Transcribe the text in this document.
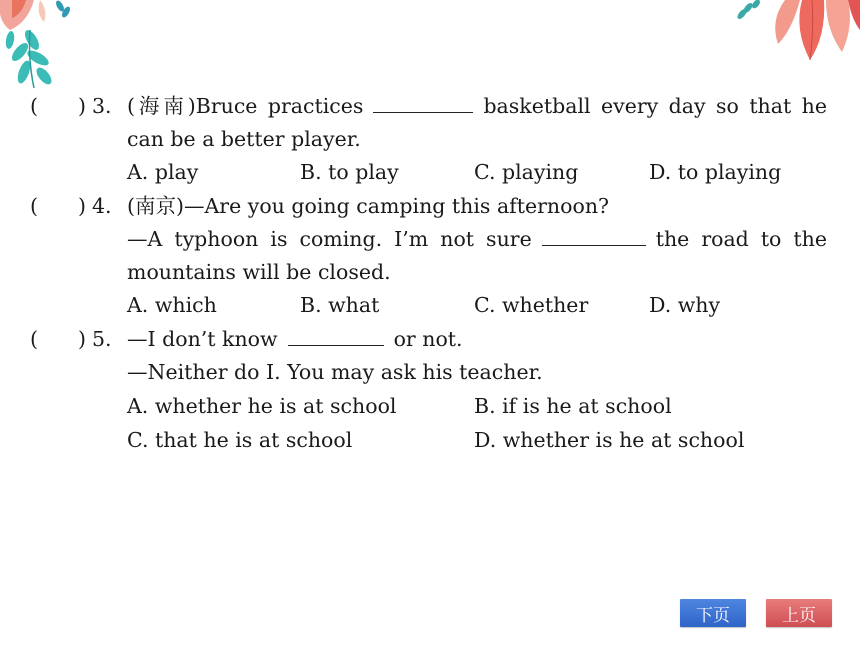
( ) 3. (海南)Bruce practices	basketball every day so that he
can be a better player.
A. play	B. to play	C. playing	D. to playing
( ) 4. (南京)—Are you going camping this afternoon?
—A typhoon is coming. I’m not sure	the road to the
mountains will be closed.
A. which	B. what	C. whether	D. why
( ) 5. —I don’t know	or not.
—Neither do I. You may ask his teacher.
A. whether he is at school	B. if is he at school
C. that he is at school	D. whether is he at school
下页	上页
